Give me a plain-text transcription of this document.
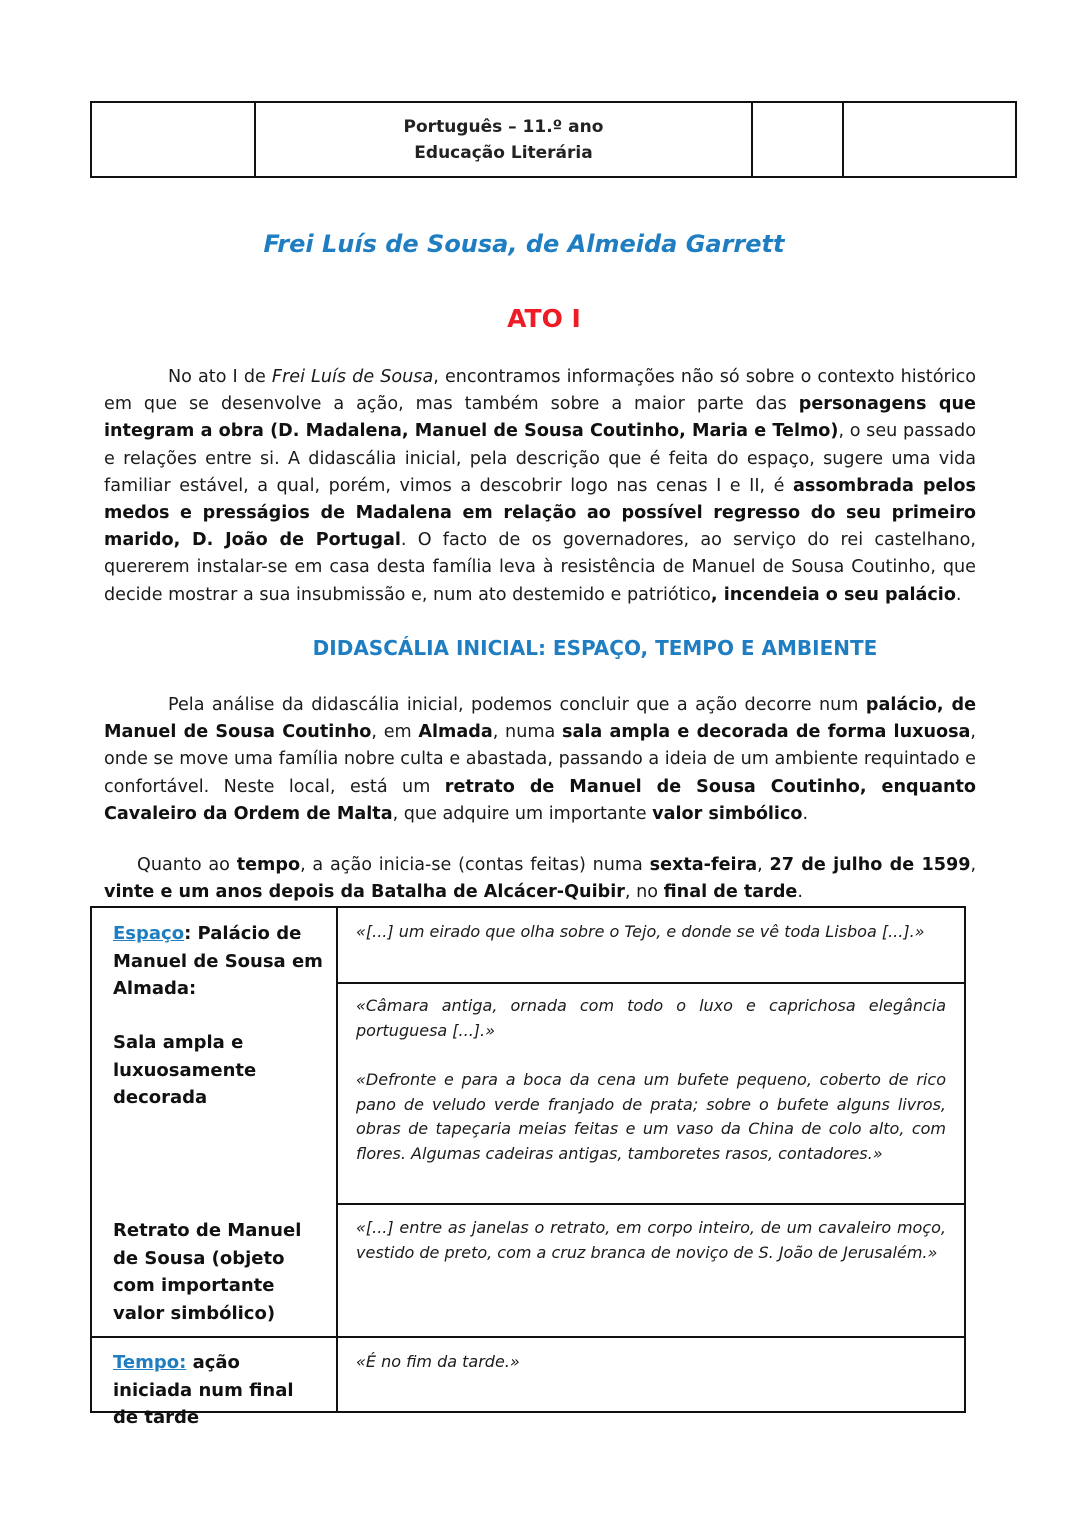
Português – 11.º ano
Educação Literária
Frei Luís de Sousa, de Almeida Garrett
ATO I
No ato I de Frei Luís de Sousa, encontramos informações não só sobre o contexto histórico em que se desenvolve a ação, mas também sobre a maior parte das personagens que integram a obra (D. Madalena, Manuel de Sousa Coutinho, Maria e Telmo), o seu passado e relações entre si. A didascália inicial, pela descrição que é feita do espaço, sugere uma vida familiar estável, a qual, porém, vimos a descobrir logo nas cenas I e II, é assombrada pelos medos e presságios de Madalena em relação ao possível regresso do seu primeiro marido, D. João de Portugal. O facto de os governadores, ao serviço do rei castelhano, quererem instalar-se em casa desta família leva à resistência de Manuel de Sousa Coutinho, que decide mostrar a sua insubmissão e, num ato destemido e patriótico, incendeia o seu palácio.
DIDASCÁLIA INICIAL: ESPAÇO, TEMPO E AMBIENTE
Pela análise da didascália inicial, podemos concluir que a ação decorre num palácio, de Manuel de Sousa Coutinho, em Almada, numa sala ampla e decorada de forma luxuosa, onde se move uma família nobre culta e abastada, passando a ideia de um ambiente requintado e confortável. Neste local, está um retrato de Manuel de Sousa Coutinho, enquanto Cavaleiro da Ordem de Malta, que adquire um importante valor simbólico.
Quanto ao tempo, a ação inicia-se (contas feitas) numa sexta-feira, 27 de julho de 1599, vinte e um anos depois da Batalha de Alcácer-Quibir, no final de tarde.
Espaço: Palácio de Manuel de Sousa em Almada:
Sala ampla e luxuosamente decorada
Retrato de Manuel de Sousa (objeto com importante valor simbólico)
Tempo: ação iniciada num final de tarde
«[...] um eirado que olha sobre o Tejo, e donde se vê toda Lisboa [...].»
«Câmara antiga, ornada com todo o luxo e caprichosa elegância portuguesa [...].»
«Defronte e para a boca da cena um bufete pequeno, coberto de rico pano de veludo verde franjado de prata; sobre o bufete alguns livros, obras de tapeçaria meias feitas e um vaso da China de colo alto, com flores. Algumas cadeiras antigas, tamboretes rasos, contadores.»
«[...] entre as janelas o retrato, em corpo inteiro, de um cavaleiro moço, vestido de preto, com a cruz branca de noviço de S. João de Jerusalém.»
«É no fim da tarde.»
